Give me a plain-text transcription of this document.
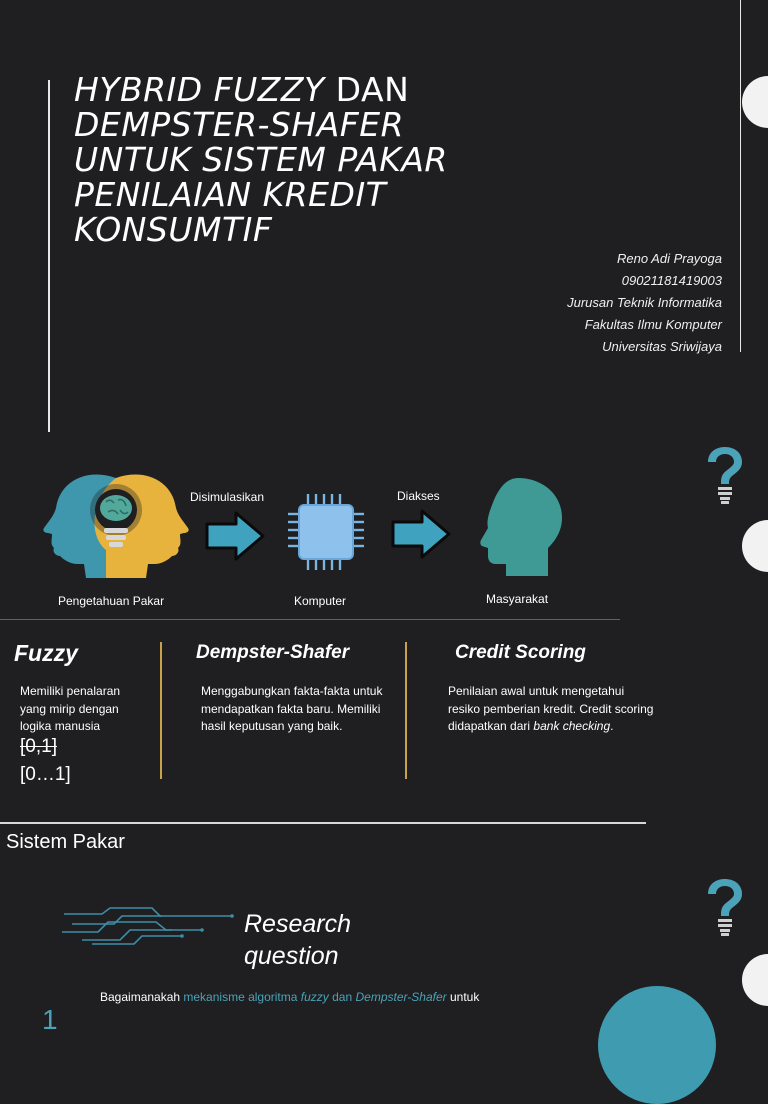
HYBRID FUZZY DAN
DEMPSTER-SHAFER
UNTUK SISTEM PAKAR
PENILAIAN KREDIT
KONSUMTIF
Reno Adi Prayoga
09021181419003
Jurusan Teknik Informatika
Fakultas Ilmu Komputer
Universitas Sriwijaya
Disimulasikan	Diakses
Pengetahuan Pakar	Komputer	Masyarakat
Fuzzy
Memiliki penalaran yang mirip dengan logika manusia
[0,1]
[0…1]
Dempster-Shafer
Menggabungkan fakta-fakta untuk mendapatkan fakta baru. Memiliki hasil keputusan yang baik.
Credit Scoring
Penilaian awal untuk mengetahui resiko pemberian kredit. Credit scoring didapatkan dari bank checking.
Sistem Pakar
Research
question
Bagaimanakah mekanisme algoritma fuzzy dan Dempster-Shafer untuk
1
